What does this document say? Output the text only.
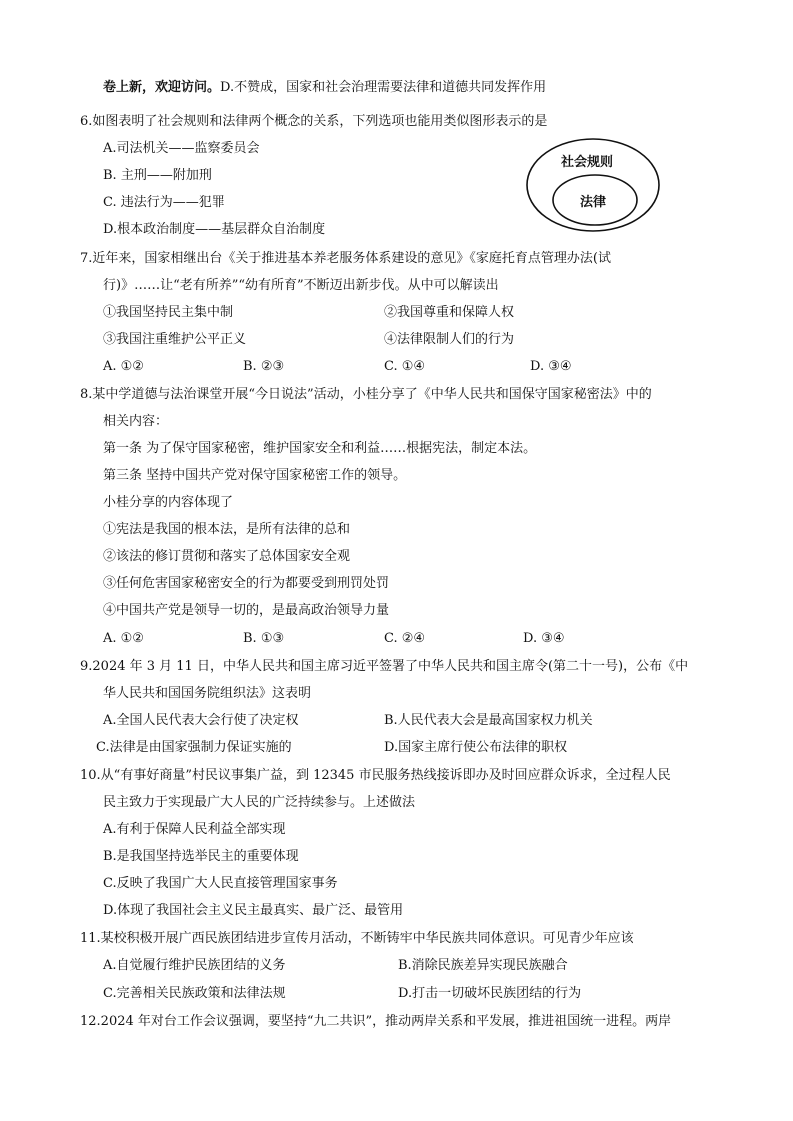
卷上新，欢迎访问。D.不赞成，国家和社会治理需要法律和道德共同发挥作用
6.如图表明了社会规则和法律两个概念的关系，下列选项也能用类似图形表示的是
A.司法机关——监察委员会
B. 主刑——附加刑
C. 违法行为——犯罪
D.根本政治制度——基层群众自治制度
社会规则
法律
7.近年来，国家相继出台《关于推进基本养老服务体系建设的意见》《家庭托育点管理办法(试
行)》……让“老有所养”“幼有所育”不断迈出新步伐。从中可以解读出
①我国坚持民主集中制	②我国尊重和保障人权
③我国注重维护公平正义	④法律限制人们的行为
A. ①②	B. ②③	C. ①④	D. ③④
8.某中学道德与法治课堂开展“今日说法”活动，小桂分享了《中华人民共和国保守国家秘密法》中的
相关内容：
第一条 为了保守国家秘密，维护国家安全和利益……根据宪法，制定本法。
第三条 坚持中国共产党对保守国家秘密工作的领导。
小桂分享的内容体现了
①宪法是我国的根本法，是所有法律的总和
②该法的修订贯彻和落实了总体国家安全观
③任何危害国家秘密安全的行为都要受到刑罚处罚
④中国共产党是领导一切的，是最高政治领导力量
A. ①②	B. ①③	C. ②④	D. ③④
9.2024 年 3 月 11 日，中华人民共和国主席习近平签署了中华人民共和国主席令(第二十一号)，公布《中
华人民共和国国务院组织法》这表明
A.全国人民代表大会行使了决定权	B.人民代表大会是最高国家权力机关
C.法律是由国家强制力保证实施的	D.国家主席行使公布法律的职权
10.从“有事好商量”村民议事集广益，到 12345 市民服务热线接诉即办及时回应群众诉求，全过程人民
民主致力于实现最广大人民的广泛持续参与。上述做法
A.有利于保障人民利益全部实现
B.是我国坚持选举民主的重要体现
C.反映了我国广大人民直接管理国家事务
D.体现了我国社会主义民主最真实、最广泛、最管用
11.某校积极开展广西民族团结进步宣传月活动，不断铸牢中华民族共同体意识。可见青少年应该
A.自觉履行维护民族团结的义务	B.消除民族差异实现民族融合
C.完善相关民族政策和法律法规	D.打击一切破坏民族团结的行为
12.2024 年对台工作会议强调，要坚持“九二共识”，推动两岸关系和平发展，推进祖国统一进程。两岸
